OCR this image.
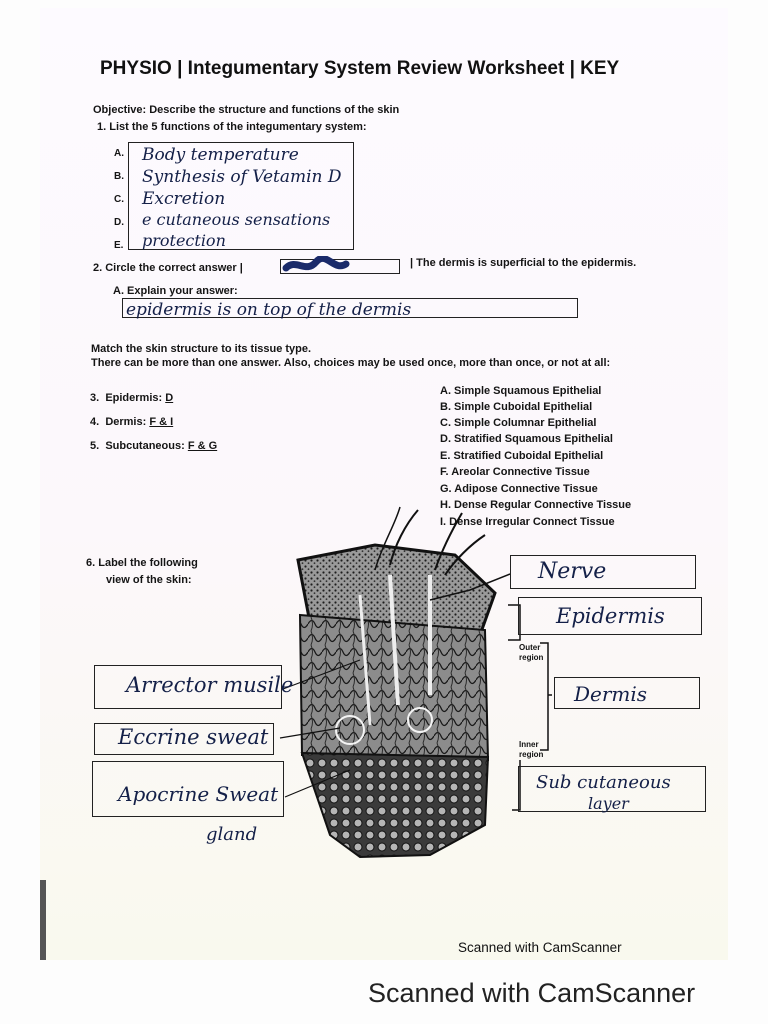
PHYSIO | Integumentary System Review Worksheet | KEY
Objective: Describe the structure and functions of the skin
1. List the 5 functions of the integumentary system:
A.
B.
C.
D.
E.
Body temperature
Synthesis of Vetamin D
Excretion
e cutaneous sensations
protection
2. Circle the correct answer |	| The dermis is superficial to the epidermis.
A. Explain your answer:
epidermis is on top of the dermis
Match the skin structure to its tissue type.
There can be more than one answer. Also, choices may be used once, more than once, or not at all:
3. Epidermis: D
4. Dermis: F & I
5. Subcutaneous: F & G
A. Simple Squamous Epithelial
B. Simple Cuboidal Epithelial
C. Simple Columnar Epithelial
D. Stratified Squamous Epithelial
E. Stratified Cuboidal Epithelial
F. Areolar Connective Tissue
G. Adipose Connective Tissue
H. Dense Regular Connective Tissue
I. Dense Irregular Connect Tissue
6. Label the following
view of the skin:	Nerve
Epidermis
Outer
region
Dermis
Inner
region
Sub cutaneous
layer
Arrector musile
Eccrine sweat
Apocrine Sweat
gland
Scanned with CamScanner
Scanned with CamScanner
